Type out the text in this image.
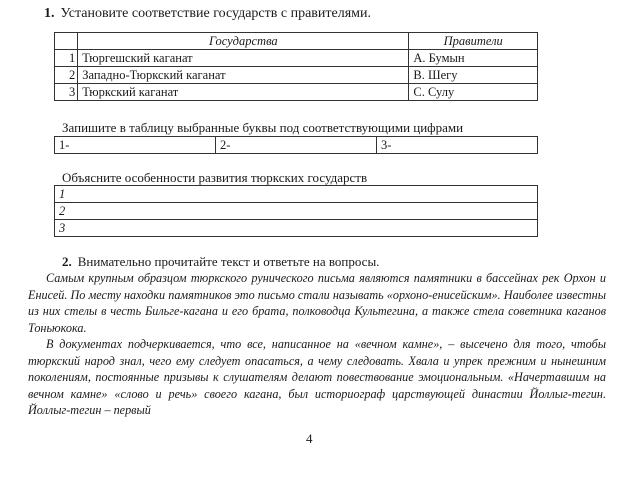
1. Установите соответствие государств с правителями.
	Государства	Правители
1	Тюргешский каганат	А. Бумын
2	Западно-Тюркский каганат	В. Шегу
3	Тюркский каганат	С. Сулу
Запишите в таблицу выбранные буквы под соответствующими цифрами
1-	2-	3-
Объясните особенности развития тюркских государств
1
2
3
2. Внимательно прочитайте текст и ответьте на вопросы.

Самым крупным образцом тюркского рунического письма являются памятники в бассейнах рек Орхон и Енисей. По месту находки памятников это письмо стали называть «орхоно-енисейским». Наиболее известны из них стелы в честь Бильге-кагана и его брата, полководца Культегина, а также стела советника каганов Тоньюкока.

В документах подчеркивается, что все, написанное на «вечном камне», – высечено для того, чтобы тюркский народ знал, чего ему следует опасаться, а чему следовать. Хвала и упрек прежним и нынешним поколениям, постоянные призывы к слушателям делают повествование эмоциональным. «Начертавшим на вечном камне» «слово и речь» своего кагана, был историограф царствующей династии Йоллыг-тегин. Йоллыг-тегин – первый

4
